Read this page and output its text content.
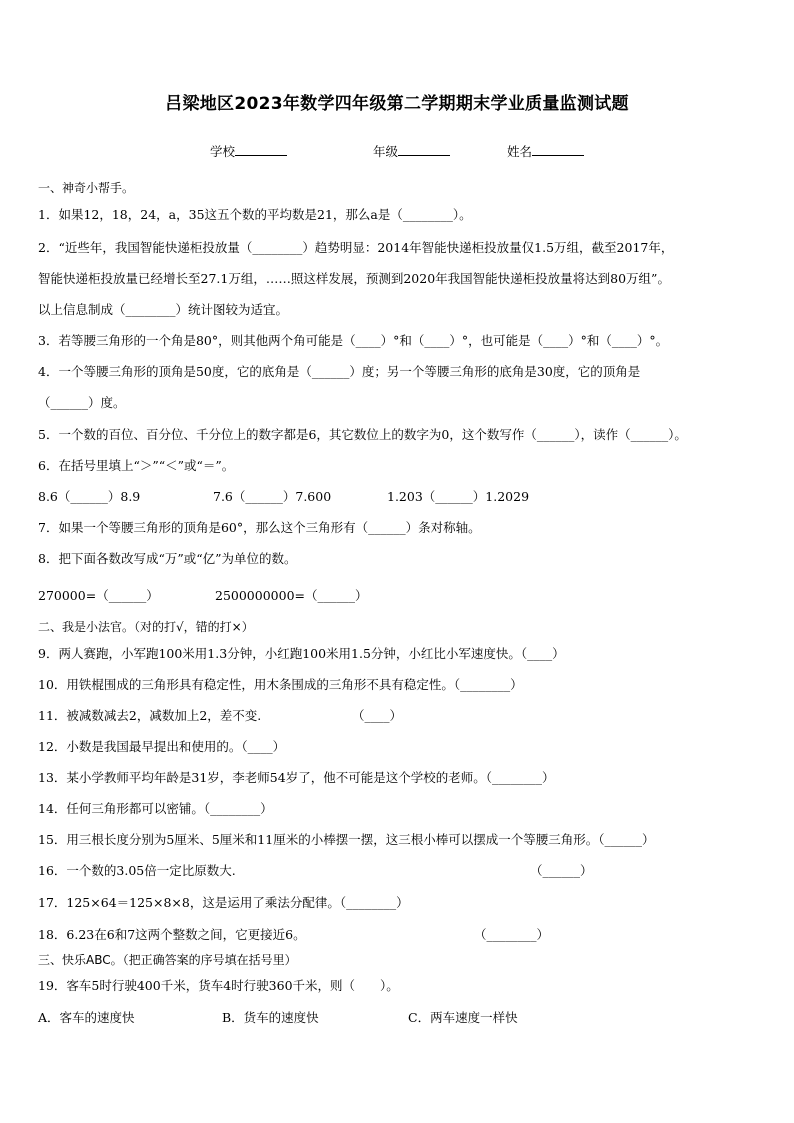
吕梁地区2023年数学四年级第二学期期末学业质量监测试题
学校	年级	姓名
一、神奇小帮手。
1．如果12，18，24，a，35这五个数的平均数是21，那么a是（________）。
2．“近些年，我国智能快递柜投放量（________）趋势明显：2014年智能快递柜投放量仅1.5万组，截至2017年，
智能快递柜投放量已经增长至27.1万组，……照这样发展，预测到2020年我国智能快递柜投放量将达到80万组”。
以上信息制成（________）统计图较为适宜。
3．若等腰三角形的一个角是80°，则其他两个角可能是（____）°和（____）°，也可能是（____）°和（____）°。
4．一个等腰三角形的顶角是50度，它的底角是（______）度；另一个等腰三角形的底角是30度，它的顶角是
（______）度。
5．一个数的百位、百分位、千分位上的数字都是6，其它数位上的数字为0，这个数写作（______），读作（______）。
6．在括号里填上“＞”“＜”或“＝”。
8.6（______）8.9	7.6（______）7.600	1.203（______）1.2029
7．如果一个等腰三角形的顶角是60°，那么这个三角形有（______）条对称轴。
8．把下面各数改写成“万”或“亿”为单位的数。
270000=（______）	2500000000=（______）
二、我是小法官。（对的打√，错的打×）
9．两人赛跑，小军跑100米用1.3分钟，小红跑100米用1.5分钟，小红比小军速度快。（____）
10．用铁棍围成的三角形具有稳定性，用木条围成的三角形不具有稳定性。（________）
11．被减数减去2，减数加上2，差不变.	（____）
12．小数是我国最早提出和使用的。（____）
13．某小学教师平均年龄是31岁，李老师54岁了，他不可能是这个学校的老师。（________）
14．任何三角形都可以密铺。（________）
15．用三根长度分别为5厘米、5厘米和11厘米的小棒摆一摆，这三根小棒可以摆成一个等腰三角形。（______）
16．一个数的3.05倍一定比原数大.	（______）
17．125×64＝125×8×8，这是运用了乘法分配律。（________）
18．6.23在6和7这两个整数之间，它更接近6。	（________）
三、快乐ABC。（把正确答案的序号填在括号里）
19．客车5时行驶400千米，货车4时行驶360千米，则（　　）。
A．客车的速度快	B．货车的速度快	C．两车速度一样快
